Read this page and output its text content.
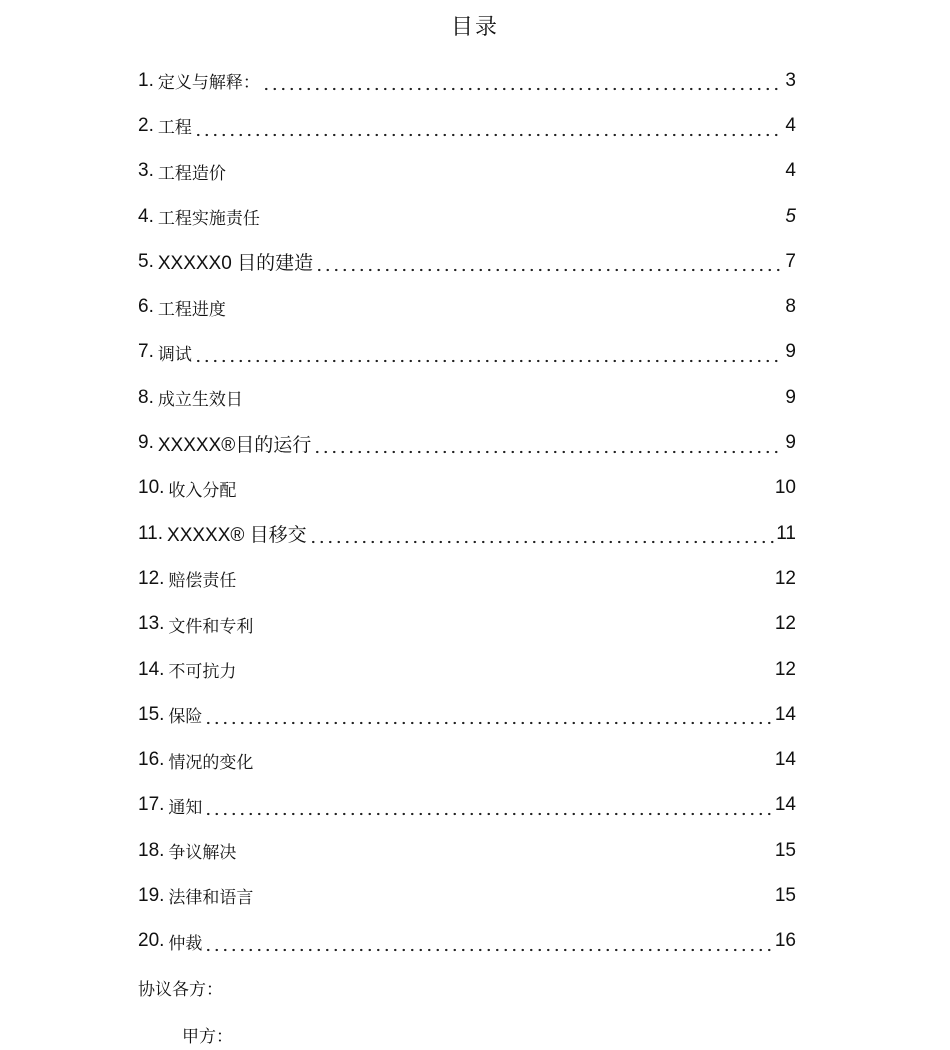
目录
1. 定义与解释：	3
2. 工程	4
3. 工程造价	4
4. 工程实施责任	5
5. XXXXX0 目的建造	7
6. 工程进度	8
7. 调试	9
8. 成立生效日	9
9. XXXXX®目的运行	9
10. 收入分配	10
11. XXXXX® 目移交	11
12. 赔偿责任	12
13. 文件和专利	12
14. 不可抗力	12
15. 保险	14
16. 情况的变化	14
17. 通知	14
18. 争议解决	15
19. 法律和语言	15
20. 仲裁	16
协议各方：
甲方：
